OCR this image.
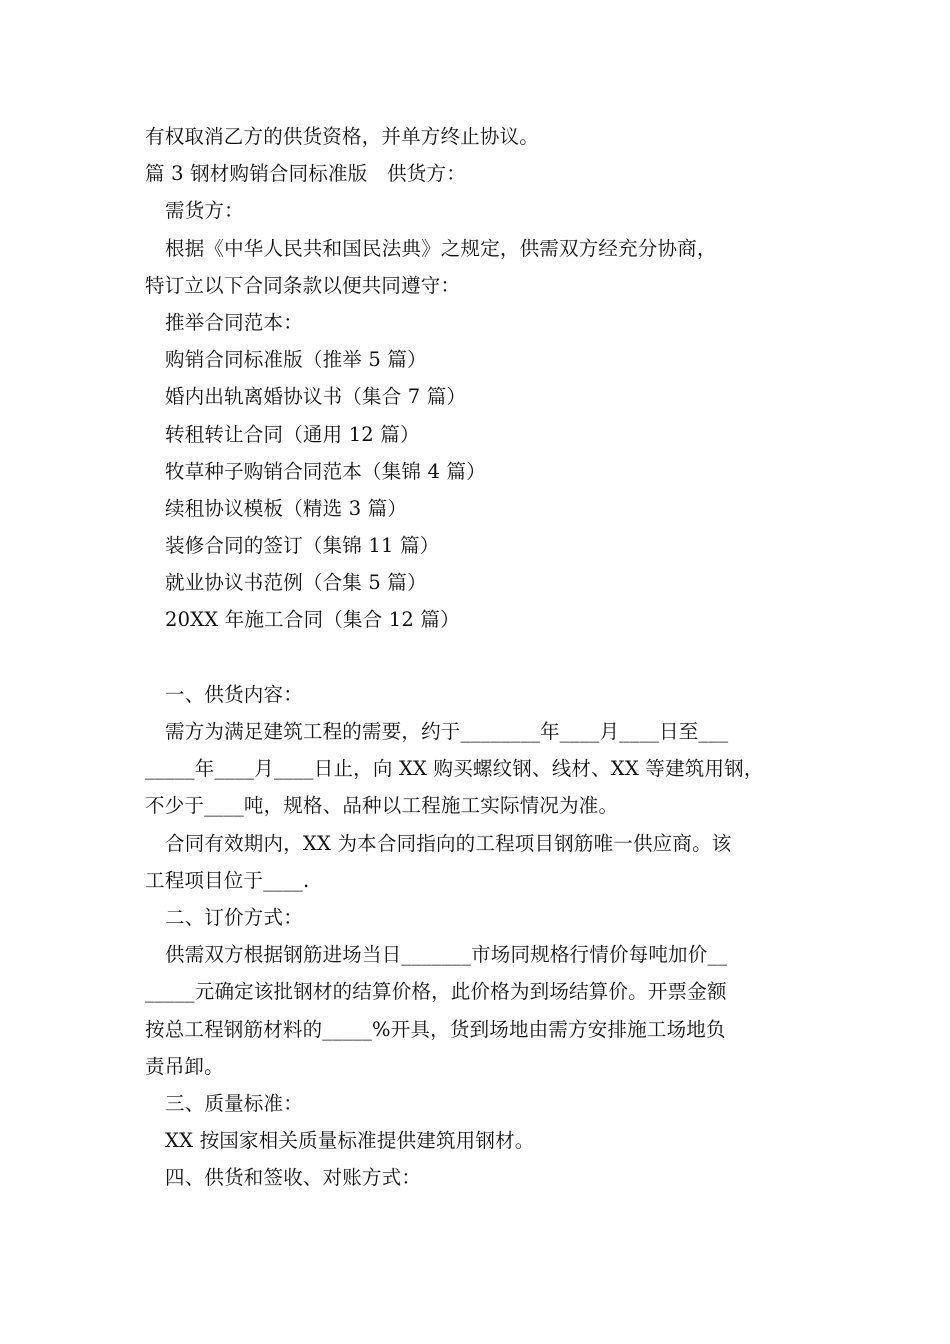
有权取消乙方的供货资格，并单方终止协议。
篇 3 钢材购销合同标准版　供货方：
需货方：
根据《中华人民共和国民法典》之规定，供需双方经充分协商，
特订立以下合同条款以便共同遵守：
推举合同范本：
购销合同标准版（推举 5 篇）
婚内出轨离婚协议书（集合 7 篇）
转租转让合同（通用 12 篇）
牧草种子购销合同范本（集锦 4 篇）
续租协议模板（精选 3 篇）
装修合同的签订（集锦 11 篇）
就业协议书范例（合集 5 篇）
20XX 年施工合同（集合 12 篇）
一、供货内容：
需方为满足建筑工程的需要，约于________年____月____日至___
_____年____月____日止，向 XX 购买螺纹钢、线材、XX 等建筑用钢，
不少于____吨，规格、品种以工程施工实际情况为准。
合同有效期内，XX 为本合同指向的工程项目钢筋唯一供应商。该
工程项目位于____.
二、订价方式：
供需双方根据钢筋进场当日_______市场同规格行情价每吨加价__
_____元确定该批钢材的结算价格，此价格为到场结算价。开票金额
按总工程钢筋材料的_____%开具，货到场地由需方安排施工场地负
责吊卸。
三、质量标准：
XX 按国家相关质量标准提供建筑用钢材。
四、供货和签收、对账方式：
